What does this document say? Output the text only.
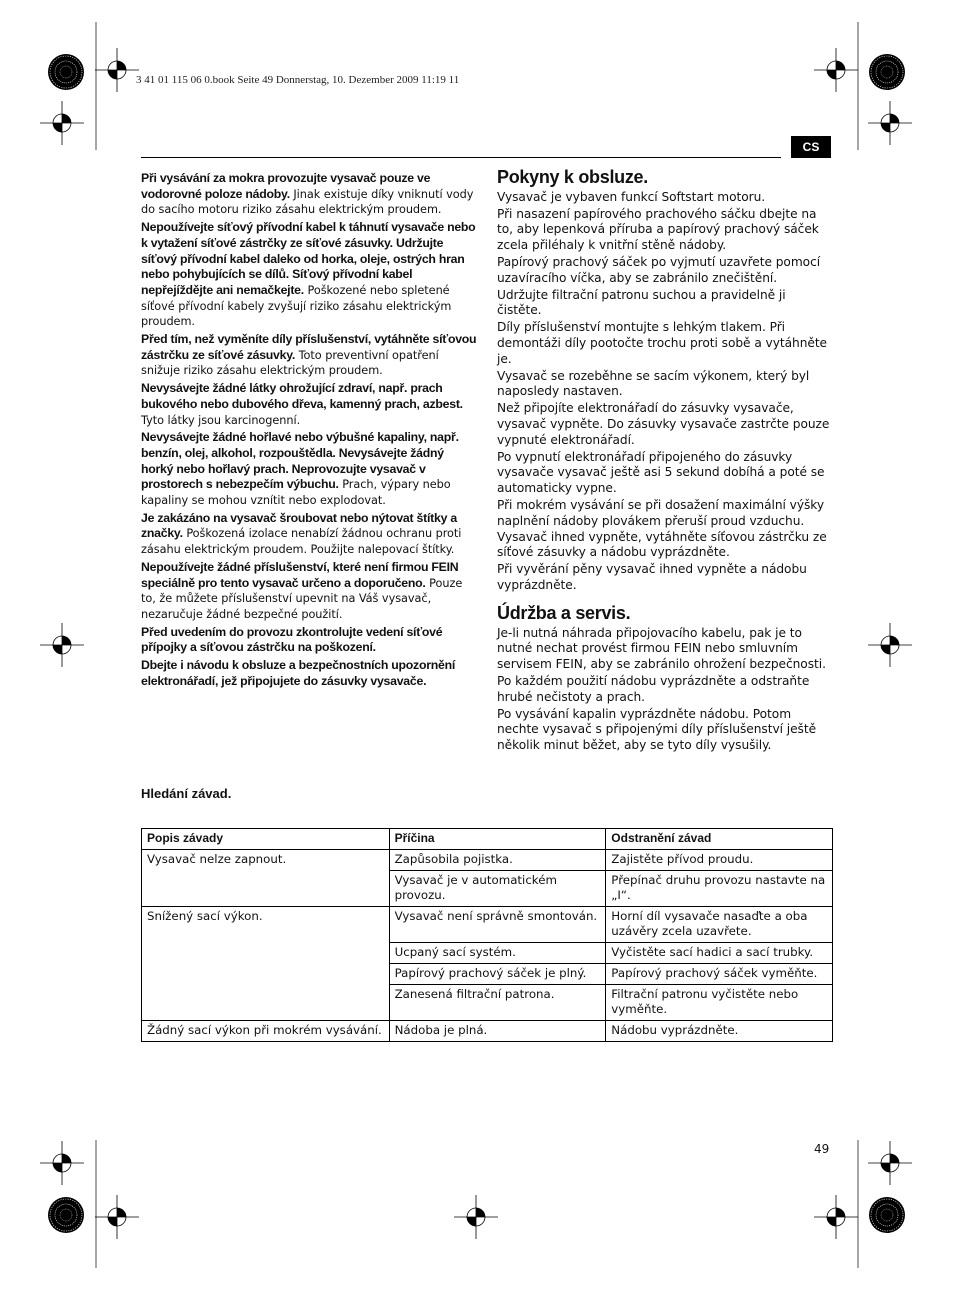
3 41 01 115 06 0.book Seite 49 Donnerstag, 10. Dezember 2009 11:19 11
CS

Při vysávání za mokra provozujte vysavač pouze ve vodorovné poloze nádoby. Jinak existuje díky vniknutí vody do sacího motoru riziko zásahu elektrickým proudem.

Nepoužívejte síťový přívodní kabel k táhnutí vysavače nebo k vytažení síťové zástrčky ze síťové zásuvky. Udržujte síťový přívodní kabel daleko od horka, oleje, ostrých hran nebo pohybujících se dílů. Síťový přívodní kabel nepřejíždějte ani nemačkejte. Poškozené nebo spletené síťové přívodní kabely zvyšují riziko zásahu elektrickým proudem.

Před tím, než vyměníte díly příslušenství, vytáhněte síťovou zástrčku ze síťové zásuvky. Toto preventivní opatření snižuje riziko zásahu elektrickým proudem.

Nevysávejte žádné látky ohrožující zdraví, např. prach bukového nebo dubového dřeva, kamenný prach, azbest. Tyto látky jsou karcinogenní.

Nevysávejte žádné hořlavé nebo výbušné kapaliny, např. benzín, olej, alkohol, rozpouštědla. Nevysávejte žádný horký nebo hořlavý prach. Neprovozujte vysavač v prostorech s nebezpečím výbuchu. Prach, výpary nebo kapaliny se mohou vznítit nebo explodovat.

Je zakázáno na vysavač šroubovat nebo nýtovat štítky a značky. Poškozená izolace nenabízí žádnou ochranu proti zásahu elektrickým proudem. Použijte nalepovací štítky.

Nepoužívejte žádné příslušenství, které není firmou FEIN speciálně pro tento vysavač určeno a doporučeno. Pouze to, že můžete příslušenství upevnit na Váš vysavač, nezaručuje žádné bezpečné použití.

Před uvedením do provozu zkontrolujte vedení síťové přípojky a síťovou zástrčku na poškození.

Dbejte i návodu k obsluze a bezpečnostních upozornění elektronářadí, jež připojujete do zásuvky vysavače.

Pokyny k obsluze.

Vysavač je vybaven funkcí Softstart motoru.

Při nasazení papírového prachového sáčku dbejte na to, aby lepenková příruba a papírový prachový sáček zcela přiléhaly k vnitřní stěně nádoby.

Papírový prachový sáček po vyjmutí uzavřete pomocí uzavíracího víčka, aby se zabránilo znečištění.

Udržujte filtrační patronu suchou a pravidelně ji čistěte.

Díly příslušenství montujte s lehkým tlakem. Při demontáži díly pootočte trochu proti sobě a vytáhněte je.

Vysavač se rozeběhne se sacím výkonem, který byl naposledy nastaven.

Než připojíte elektronářadí do zásuvky vysavače, vysavač vypněte. Do zásuvky vysavače zastrčte pouze vypnuté elektronářadí.

Po vypnutí elektronářadí připojeného do zásuvky vysavače vysavač ještě asi 5 sekund dobíhá a poté se automaticky vypne.

Při mokrém vysávání se při dosažení maximální výšky naplnění nádoby plovákem přeruší proud vzduchu. Vysavač ihned vypněte, vytáhněte síťovou zástrčku ze síťové zásuvky a nádobu vyprázdněte.

Při vyvěrání pěny vysavač ihned vypněte a nádobu vyprázdněte.

Údržba a servis.

Je-li nutná náhrada připojovacího kabelu, pak je to nutné nechat provést firmou FEIN nebo smluvním servisem FEIN, aby se zabránilo ohrožení bezpečnosti.

Po každém použití nádobu vyprázdněte a odstraňte hrubé nečistoty a prach.

Po vysávání kapalin vyprázdněte nádobu. Potom nechte vysavač s připojenými díly příslušenství ještě několik minut běžet, aby se tyto díly vysušily.

Hledání závad.
Popis závady	Příčina	Odstranění závad
Vysavač nelze zapnout.	Zapůsobila pojistka.	Zajistěte přívod proudu.
	Vysavač je v automatickém provozu.	Přepínač druhu provozu nastavte na „I“.
Snížený sací výkon.	Vysavač není správně smontován.	Horní díl vysavače nasaďte a oba uzávěry zcela uzavřete.
	Ucpaný sací systém.	Vyčistěte sací hadici a sací trubky.
	Papírový prachový sáček je plný.	Papírový prachový sáček vyměňte.
	Zanesená filtrační patrona.	Filtrační patronu vyčistěte nebo vyměňte.
Žádný sací výkon při mokrém vysávání.	Nádoba je plná.	Nádobu vyprázdněte.
49
